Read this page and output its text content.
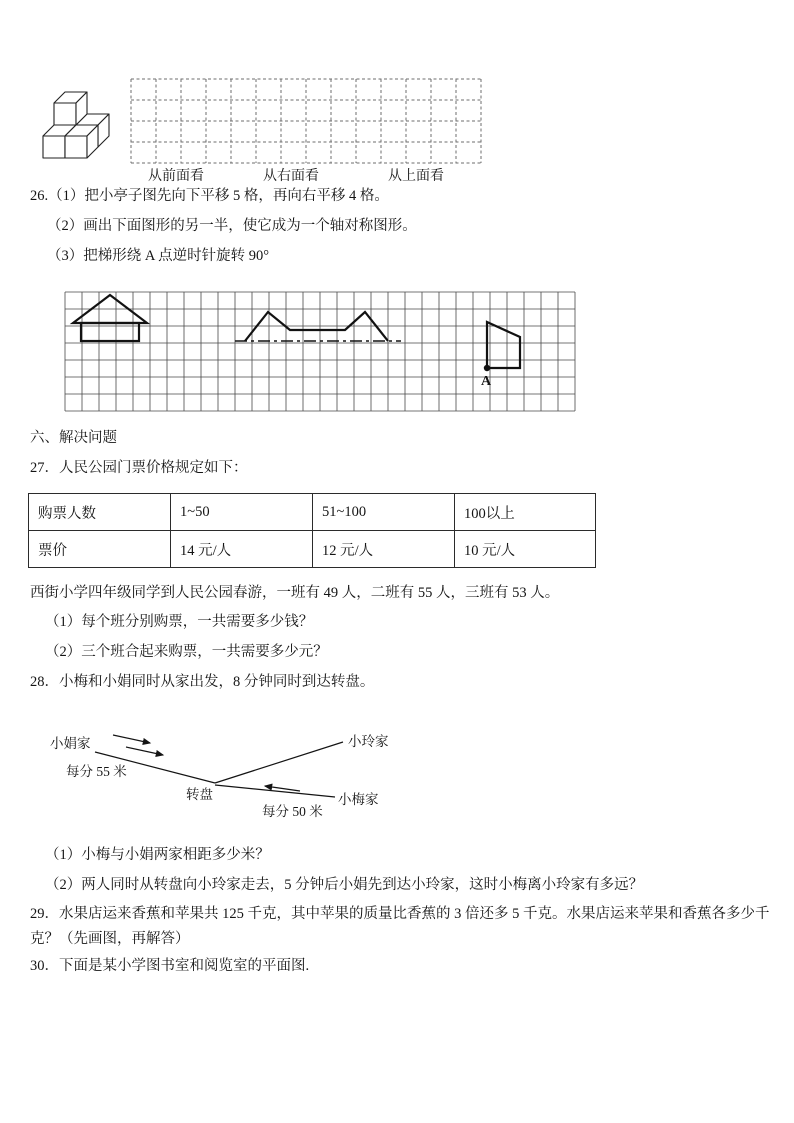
从前面看	从右面看	从上面看
26.（1）把小亭子图先向下平移 5 格，再向右平移 4 格。
（2）画出下面图形的另一半，使它成为一个轴对称图形。
（3）把梯形绕 A 点逆时针旋转 90°
A
六、解决问题
27．人民公园门票价格规定如下：
购票人数	1~50	51~100	100以上
票价	14 元/人	12 元/人	10 元/人
西街小学四年级同学到人民公园春游，一班有 49 人，二班有 55 人，三班有 53 人。
（1）每个班分别购票，一共需要多少钱？
（2）三个班合起来购票，一共需要多少元？
28．小梅和小娟同时从家出发，8 分钟同时到达转盘。
小娟家
每分 55 米
转盘
小玲家
小梅家
每分 50 米
（1）小梅与小娟两家相距多少米？
（2）两人同时从转盘向小玲家走去，5 分钟后小娟先到达小玲家，这时小梅离小玲家有多远？
29．水果店运来香蕉和苹果共 125 千克，其中苹果的质量比香蕉的 3 倍还多 5 千克。水果店运来苹果和香蕉各多少千
克？（先画图，再解答）
30．下面是某小学图书室和阅览室的平面图.
